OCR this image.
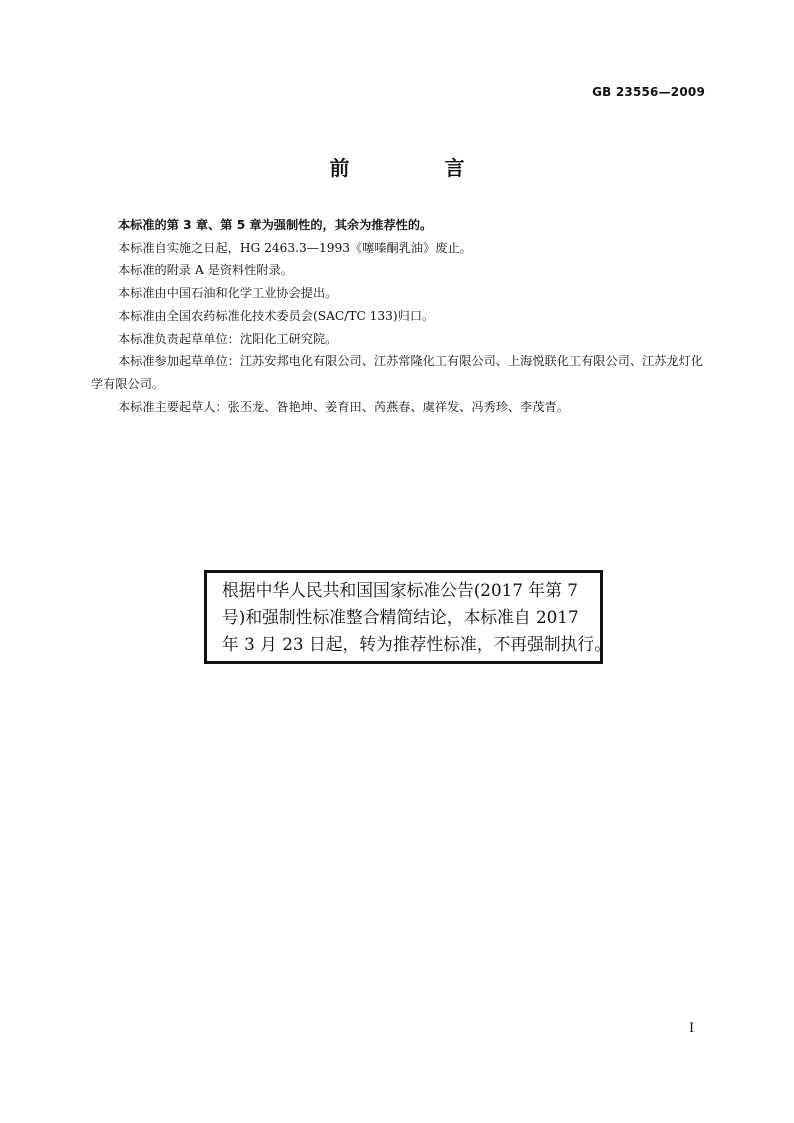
GB 23556—2009
前 言

本标准的第 3 章、第 5 章为强制性的，其余为推荐性的。

本标准自实施之日起，HG 2463.3—1993《噻嗪酮乳油》废止。

本标准的附录 A 是资料性附录。

本标准由中国石油和化学工业协会提出。

本标准由全国农药标准化技术委员会(SAC/TC 133)归口。

本标准负责起草单位：沈阳化工研究院。

本标准参加起草单位：江苏安邦电化有限公司、江苏常隆化工有限公司、上海悦联化工有限公司、江苏龙灯化学有限公司。

本标准主要起草人：张丕龙、昝艳坤、姜育田、芮燕春、虞祥发、冯秀珍、李茂青。

根据中华人民共和国国家标准公告(2017 年第 7
号)和强制性标准整合精简结论，本标准自 2017
年 3 月 23 日起，转为推荐性标准，不再强制执行。
I
